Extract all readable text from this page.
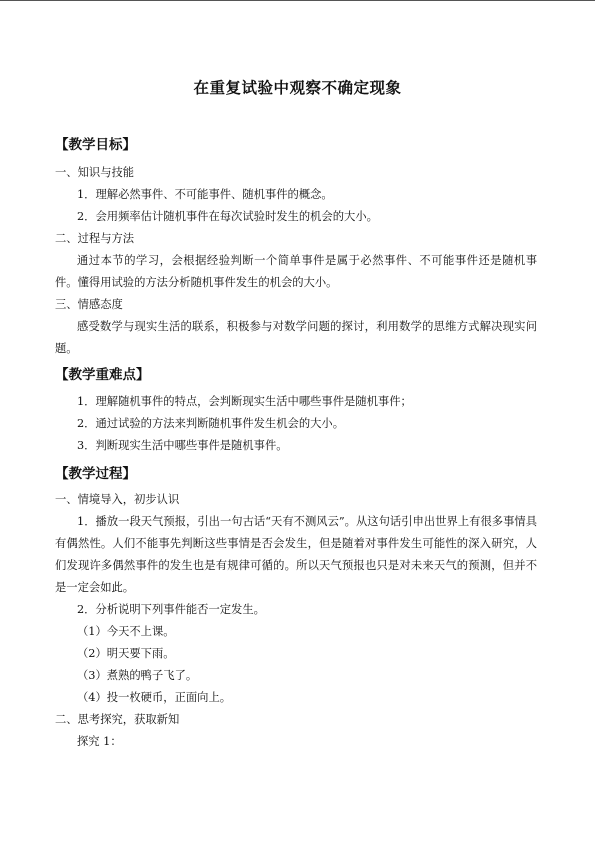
在重复试验中观察不确定现象
【教学目标】
一、知识与技能
1．理解必然事件、不可能事件、随机事件的概念。
2．会用频率估计随机事件在每次试验时发生的机会的大小。
二、过程与方法
通过本节的学习，会根据经验判断一个简单事件是属于必然事件、不可能事件还是随机事件。懂得用试验的方法分析随机事件发生的机会的大小。
三、情感态度
感受数学与现实生活的联系，积极参与对数学问题的探讨，利用数学的思维方式解决现实问题。
【教学重难点】
1．理解随机事件的特点，会判断现实生活中哪些事件是随机事件；
2．通过试验的方法来判断随机事件发生机会的大小。
3．判断现实生活中哪些事件是随机事件。
【教学过程】
一、情境导入，初步认识
1．播放一段天气预报，引出一句古话“天有不测风云”。从这句话引申出世界上有很多事情具有偶然性。人们不能事先判断这些事情是否会发生，但是随着对事件发生可能性的深入研究，人们发现许多偶然事件的发生也是有规律可循的。所以天气预报也只是对未来天气的预测，但并不是一定会如此。
2．分析说明下列事件能否一定发生。
（1）今天不上课。
（2）明天要下雨。
（3）煮熟的鸭子飞了。
（4）投一枚硬币，正面向上。
二、思考探究，获取新知
探究 1：
